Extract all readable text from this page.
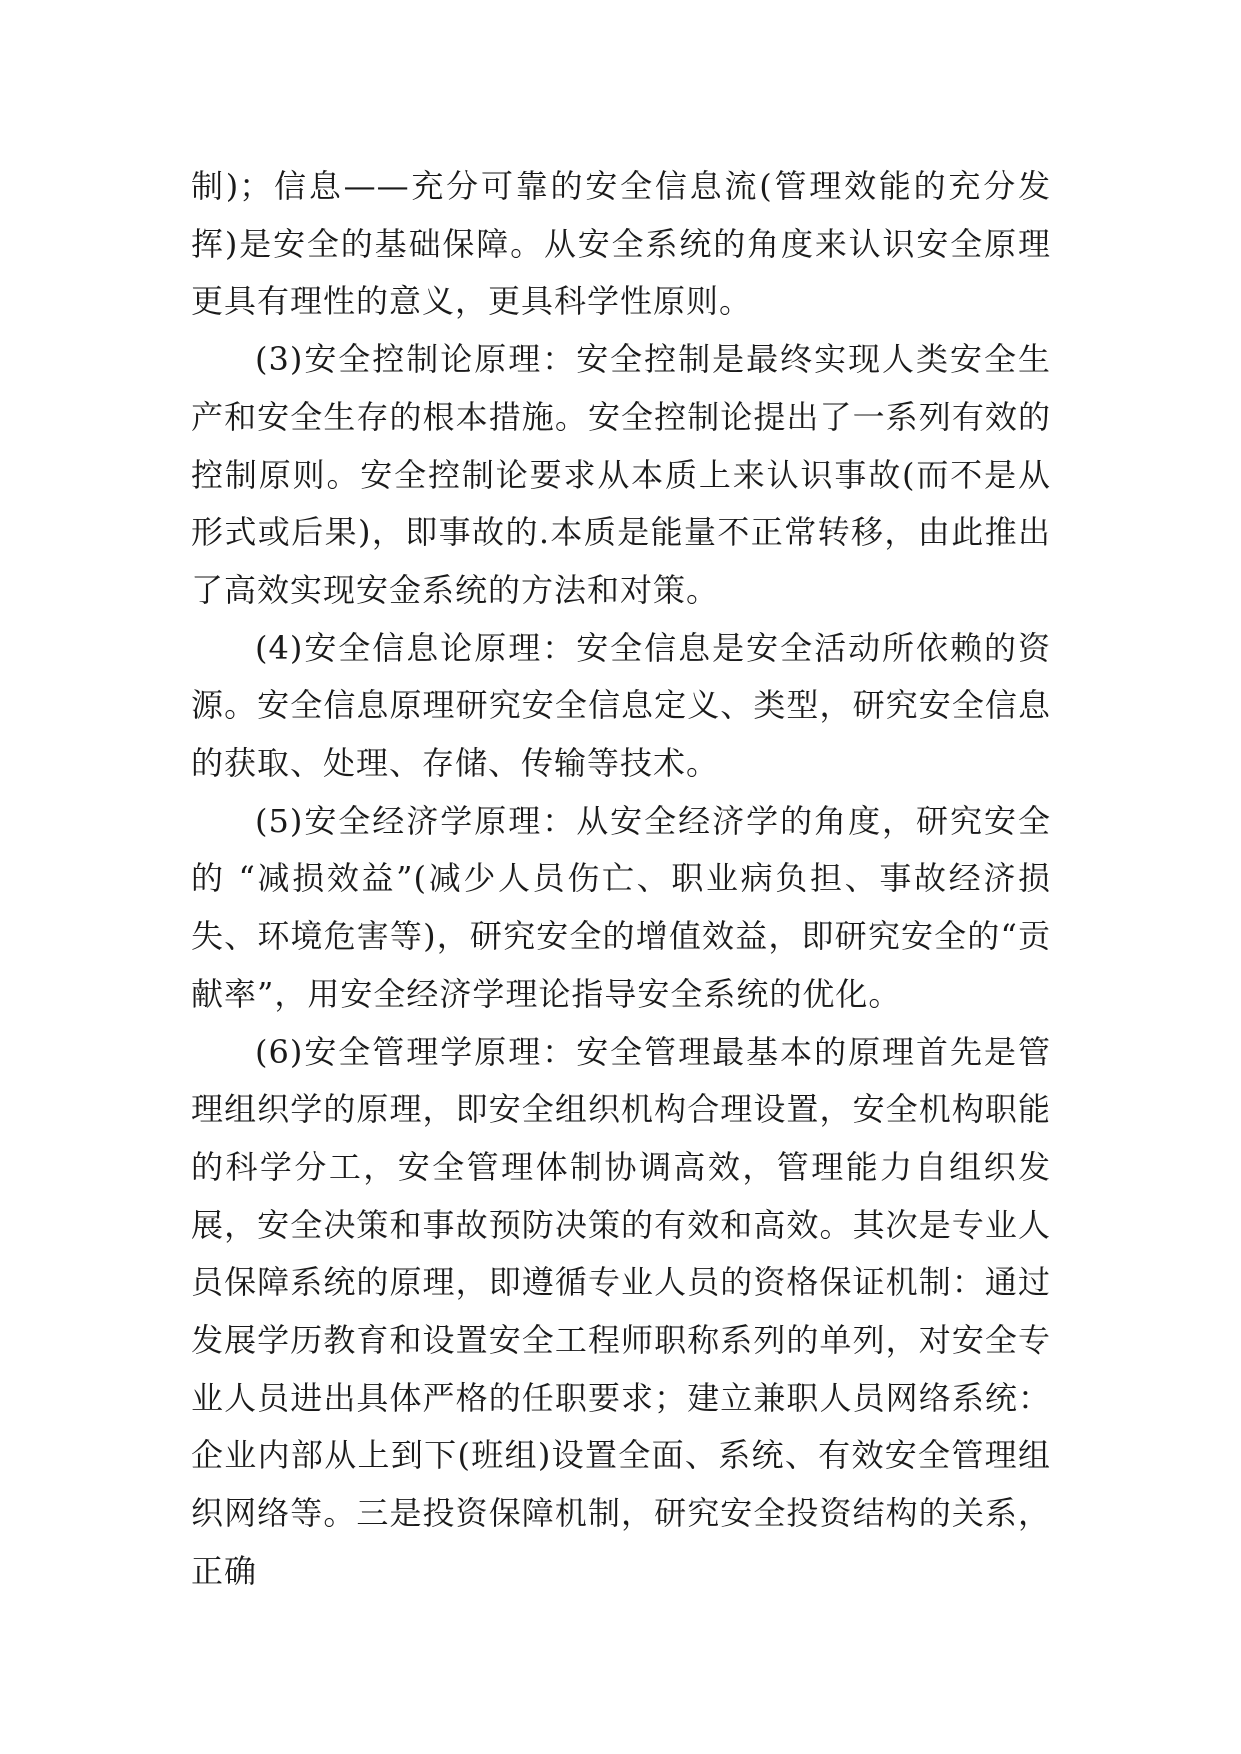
制)；信息——充分可靠的安全信息流(管理效能的充分发挥)是安全的基础保障。从安全系统的角度来认识安全原理更具有理性的意义，更具科学性原则。

(3)安全控制论原理：安全控制是最终实现人类安全生产和安全生存的根本措施。安全控制论提出了一系列有效的控制原则。安全控制论要求从本质上来认识事故(而不是从形式或后果)，即事故的.本质是能量不正常转移，由此推出了高效实现安金系统的方法和对策。

(4)安全信息论原理：安全信息是安全活动所依赖的资源。安全信息原理研究安全信息定义、类型，研究安全信息的获取、处理、存储、传输等技术。

(5)安全经济学原理：从安全经济学的角度，研究安全的 “减损效益”(减少人员伤亡、职业病负担、事故经济损失、环境危害等)，研究安全的增值效益，即研究安全的“贡献率”，用安全经济学理论指导安全系统的优化。

(6)安全管理学原理：安全管理最基本的原理首先是管理组织学的原理，即安全组织机构合理设置，安全机构职能的科学分工，安全管理体制协调高效，管理能力自组织发展，安全决策和事故预防决策的有效和高效。其次是专业人员保障系统的原理，即遵循专业人员的资格保证机制：通过发展学历教育和设置安全工程师职称系列的单列，对安全专业人员进出具体严格的任职要求；建立兼职人员网络系统：企业内部从上到下(班组)设置全面、系统、有效安全管理组织网络等。三是投资保障机制，研究安全投资结构的关系，正确
